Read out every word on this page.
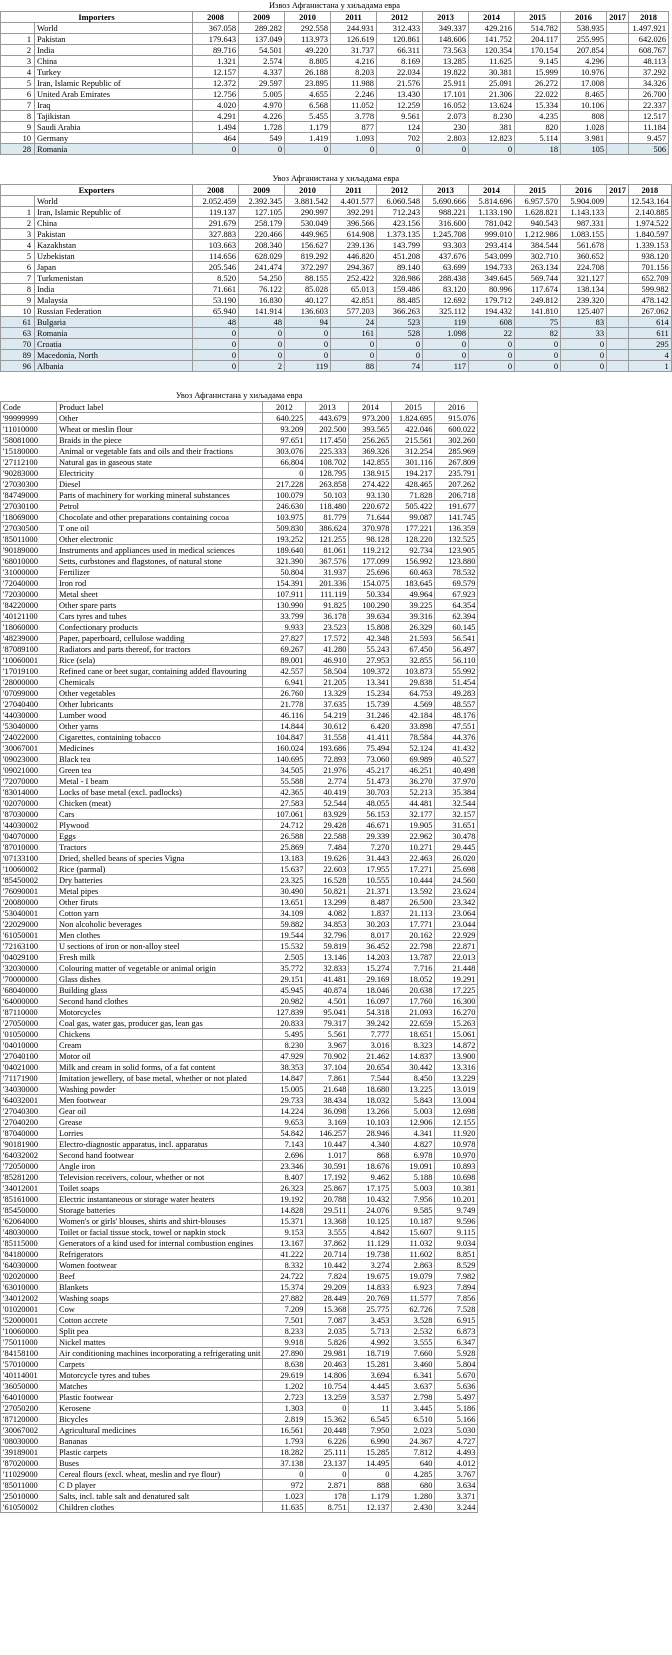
Извоз Афганистана у хиљадама евра												
Importers		2008	2009	2010	2011	2012	2013	2014	2015	2016	2017	2018
	World	367.058	289.282	292.558	244.931	312.433	349.337	429.216	514.782	538.935		1.497.921
1	Pakistan	179.643	137.049	113.973	126.619	120.861	148.606	141.752	204.117	255.995		642.026
2	India	89.716	54.501	49.220	31.737	66.311	73.563	120.354	170.154	207.854		608.767
3	China	1.321	2.574	8.805	4.216	8.169	13.285	11.625	9.145	4.296		48.113
4	Turkey	12.157	4.337	26.188	8.203	22.034	19.822	30.381	15.999	10.976		37.292
5	Iran, Islamic Republic of	12.372	29.597	23.895	11.988	21.576	25.911	25.091	26.272	17.008		34.326
6	United Arab Emirates	12.756	5.005	4.655	2.246	13.430	17.101	21.306	22.022	8.465		26.700
7	Iraq	4.020	4.970	6.568	11.052	12.259	16.052	13.624	15.334	10.106		22.337
8	Tajikistan	4.291	4.226	5.455	3.778	9.561	2.073	8.230	4.235	808		12.517
9	Saudi Arabia	1.494	1.728	1.179	877	124	230	381	820	1.028		11.184
10	Germany	464	549	1.419	1.093	702	2.803	12.823	5.114	3.981		9.457
28	Romania	0	0	0	0	0	0	0	18	105		506
Увоз Афганистана у хиљадама евра												
Exporters		2008	2009	2010	2011	2012	2013	2014	2015	2016	2017	2018
	World	2.052.459	2.392.345	3.881.542	4.401.577	6.060.548	5.690.666	5.814.696	6.957.570	5.904.009		12.543.164
1	Iran, Islamic Republic of	119.137	127.105	290.997	392.291	712.243	988.221	1.133.190	1.628.821	1.143.133		2.140.885
2	China	291.679	258.179	530.049	396.566	423.156	316.600	781.042	940.543	987.331		1.974.522
3	Pakistan	327.883	220.466	449.965	614.908	1.373.135	1.245.708	999.010	1.212.986	1.083.155		1.840.597
4	Kazakhstan	103.663	208.340	156.627	239.136	143.799	93.303	293.414	384.544	561.678		1.339.153
5	Uzbekistan	114.656	628.029	819.292	446.820	451.208	437.676	543.099	302.710	360.652		938.120
6	Japan	205.546	241.474	372.297	294.367	89.140	63.699	194.733	263.134	224.708		701.156
7	Turkmenistan	8.520	54.250	88.155	252.422	328.986	288.438	349.645	569.744	321.127		652.709
8	India	71.661	76.122	85.028	65.013	159.486	83.120	80.996	117.674	138.134		599.982
9	Malaysia	53.190	16.830	40.127	42.851	88.485	12.692	179.712	249.812	239.320		478.142
10	Russian Federation	65.940	141.914	136.603	577.203	366.263	325.112	194.432	141.810	125.407		267.062
61	Bulgaria	48	48	94	24	523	119	608	75	83		614
63	Romania	0	0	0	161	528	1.098	22	82	33		611
70	Croatia	0	0	0	0	0	0	0	0	0		295
89	Macedonia, North	0	0	0	0	0	0	0	0	0		4
96	Albania	0	2	119	88	74	117	0	0	0		1
Увоз Афганистана у хиљадама евра						
Code	Product label	2012	2013	2014	2015	2016
'99999999	Other	640.225	443.679	973.200	1.824.695	915.076
'11010000	Wheat or meslin flour	93.209	202.500	393.565	422.046	600.022
'58081000	Braids in the piece	97.651	117.450	256.265	215.561	302.260
'15180000	Animal or vegetable fats and oils and their fractions	303.076	225.333	369.326	312.254	285.969
'27112100	Natural gas in gaseous state	66.804	108.702	142.855	301.116	267.809
'90283000	Electricity	0	128.795	138.915	194.217	235.791
'27030300	Diesel	217.228	263.858	274.422	428.465	207.262
'84749000	Parts of machinery for working mineral substances	100.079	50.103	93.130	71.828	206.718
'27030100	Petrol	246.630	118.480	220.672	505.422	191.677
'18069000	Chocolate and other preparations containing cocoa	103.975	81.779	71.644	99.087	141.745
'27030500	T one oil	509.830	386.624	370.978	177.221	136.359
'85011000	Other electronic	193.252	121.255	98.128	128.220	132.525
'90189000	Instruments and appliances used in medical sciences	189.640	81.061	119.212	92.734	123.905
'68010000	Setts, curbstones and flagstones, of natural stone	321.390	367.576	177.099	156.992	123.880
'31000000	Fertilizer	50.804	31.937	25.696	60.463	78.532
'72040000	Iron rod	154.391	201.336	154.075	183.645	69.579
'72030000	Metal sheet	107.911	111.119	50.334	49.964	67.923
'84220000	Other spare parts	130.990	91.825	100.290	39.225	64.354
'40121100	Cars tyres and tubes	33.799	36.178	39.634	39.316	62.394
'18060000	Confectionary products	9.933	23.523	15.808	26.329	60.145
'48239000	Paper, paperboard, cellulose wadding	27.827	17.572	42.348	21.593	56.541
'87089100	Radiators and parts thereof, for tractors	69.267	41.280	55.243	67.450	56.497
'10060001	Rice (sela)	89.001	46.910	27.953	32.855	56.110
'17019100	Refined cane or beet sugar, containing added flavouring	42.557	58.504	109.372	103.873	55.992
'28000000	Chemicals	6.941	21.205	13.341	29.838	51.454
'07099000	Other vegetables	26.760	13.329	15.234	64.753	49.283
'27040400	Other lubricants	21.778	37.635	15.739	4.569	48.557
'44030000	Lumber wood	46.116	54.219	31.246	42.184	48.176
'53040000	Other yarns	14.844	30.612	6.420	33.898	47.551
'24022000	Cigarettes, containing tobacco	104.847	31.558	41.411	78.584	44.376
'30067001	Medicines	160.024	193.686	75.494	52.124	41.432
'09023000	Black tea	140.695	72.893	73.060	69.989	40.527
'09021000	Green tea	34.505	21.976	45.217	46.251	40.498
'72070000	Metal - I beam	55.588	2.774	51.473	36.270	37.970
'83014000	Locks of base metal (excl. padlocks)	42.365	40.419	30.703	52.213	35.384
'02070000	Chicken (meat)	27.583	52.544	48.055	44.481	32.544
'87030000	Cars	107.061	83.929	56.153	32.177	32.157
'44030002	Plywood	24.712	29.428	46.671	19.905	31.651
'04070000	Eggs	26.588	22.588	29.339	22.962	30.478
'87010000	Tractors	25.869	7.484	7.270	10.271	29.445
'07133100	Dried, shelled beans of species Vigna	13.183	19.626	31.443	22.463	26.020
'10060002	Rice (parmal)	15.637	22.603	17.955	17.271	25.698
'85450002	Dry batteries	23.325	16.528	10.555	10.444	24.560
'76090001	Metal pipes	30.490	50.821	21.371	13.592	23.624
'20080000	Other firuts	13.651	13.299	8.487	26.500	23.342
'53040001	Cotton yarn	34.109	4.082	1.837	21.113	23.064
'22029000	Non alcoholic beverages	59.882	34.853	30.203	17.771	23.044
'61050001	Men clothes	19.544	32.796	8.017	20.162	22.929
'72163100	U sections of iron or non-alloy steel	15.532	59.819	36.452	22.798	22.871
'04029100	Fresh milk	2.505	13.146	14.203	13.787	22.013
'32030000	Colouring matter of vegetable or animal origin	35.772	32.833	15.274	7.716	21.448
'70000000	Glass dishes	29.151	41.481	29.169	18.052	19.291
'68040000	Building glass	45.945	40.874	18.046	20.638	17.225
'64000000	Second hand clothes	20.982	4.501	16.097	17.760	16.300
'87110000	Motorcycles	127.839	95.041	54.318	21.093	16.270
'27050000	Coal gas, water gas, producer gas, lean gas	20.833	79.317	39.242	22.659	15.263
'01050000	Chickens	5.495	5.561	7.777	18.651	15.061
'04010000	Cream	8.230	3.967	3.016	8.323	14.872
'27040100	Motor oil	47.929	70.902	21.462	14.837	13.900
'04021000	Milk and cream in solid forms, of a fat content	38.353	37.104	20.654	30.442	13.316
'71171900	Imitation jewellery, of base metal, whether or not plated	14.847	7.861	7.544	8.450	13.229
'34030000	Washing powder	15.005	21.648	18.680	13.225	13.019
'64032001	Men footwear	29.733	38.434	18.032	5.843	13.004
'27040300	Gear oil	14.224	36.098	13.266	5.003	12.698
'27040200	Grease	9.653	3.169	10.103	12.906	12.155
'87040000	Lorries	54.842	146.257	28.946	4.341	11.920
'90181900	Electro-diagnostic apparatus, incl. apparatus	7.143	10.447	4.340	4.827	10.978
'64032002	Second hand footwear	2.696	1.017	868	6.978	10.970
'72050000	Angle iron	23.346	30.591	18.676	19.091	10.893
'85281200	Television receivers, colour, whether or not	8.407	17.192	9.462	5.188	10.698
'34012001	Toilet soaps	26.323	25.867	17.175	5.003	10.381
'85161000	Electric instantaneous or storage water heaters	19.192	20.788	10.432	7.956	10.201
'85450000	Storage batteries	14.828	29.511	24.076	9.585	9.749
'62064000	Women's or girls' blouses, shirts and shirt-blouses	15.371	13.368	10.125	10.187	9.596
'48030000	Toilet or facial tissue stock, towel or napkin stock	9.153	3.555	4.842	15.607	9.115
'85115000	Generators of a kind used for internal combustion engines	13.167	37.862	11.129	11.032	9.034
'84180000	Refrigerators	41.222	20.714	19.738	11.602	8.851
'64030000	Women footwear	8.332	10.442	3.274	2.863	8.529
'02020000	Beef	24.722	7.824	19.675	19.079	7.982
'63010000	Blankets	15.374	29.209	14.833	6.923	7.894
'34012002	Washing soaps	27.882	28.449	20.769	11.577	7.856
'01020001	Cow	7.209	15.368	25.775	62.726	7.528
'52000001	Cotton accrete	7.501	7.087	3.453	3.528	6.915
'10060000	Split pea	8.233	2.035	5.713	2.532	6.873
'75011000	Nickel mattes	9.918	5.826	4.992	3.555	6.347
'84158100	Air conditioning machines incorporating a refrigerating unit	27.890	29.981	18.719	7.660	5.928
'57010000	Carpets	8.638	20.463	15.281	3.460	5.804
'40114001	Motorcycle tyres and tubes	29.619	14.806	3.694	6.341	5.670
'36050000	Matches	1.202	10.754	4.445	3.637	5.636
'64010000	Plastic footwear	2.723	13.259	3.537	2.798	5.497
'27050200	Kerosene	1.303	0	11	3.445	5.186
'87120000	Bicycles	2.819	15.362	6.545	6.510	5.166
'30067002	Agricultural medicines	16.561	20.448	7.950	2.023	5.030
'08030000	Bananas	1.793	6.226	6.990	24.367	4.727
'39189001	Plastic carpets	18.282	25.111	15.285	7.812	4.493
'87020000	Buses	37.138	23.137	14.495	640	4.012
'11029000	Cereal flours (excl. wheat, meslin and rye flour)	0	0	0	4.285	3.767
'85011000	C D player	972	2.871	888	680	3.634
'25010000	Salts, incl. table salt and denatured salt	1.023	178	1.179	1.280	3.371
'61050002	Children clothes	11.635	8.751	12.137	2.430	3.244
